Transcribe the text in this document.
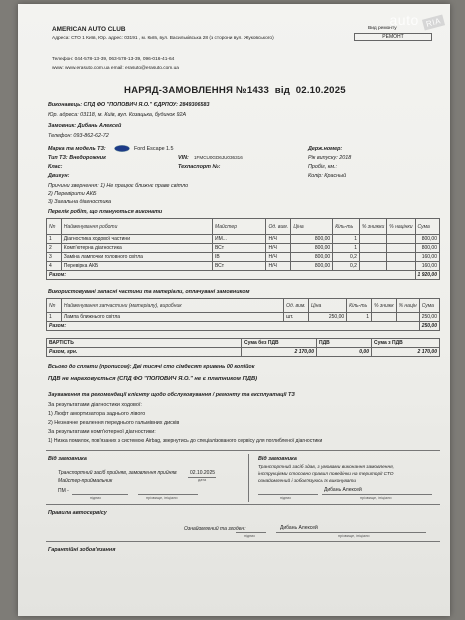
AMERICAN AUTO CLUB
Адреса: СТО 1 Київ, Юр. адрес: 03191 , м. Київ, вул. Васильківська 28 (з сторони вул. Жуковського)
Телефон: 044-578-13-39, 063-578-13-39, 096-016-41-64
www: www.erasuto.com.ua email: erasuto@erasuto.com.ua
Вид ремонту
РЕМОНТ
НАРЯД-ЗАМОВЛЕННЯ №1433 від 02.10.2025
Виконавець: СПД ФО "ПОПОВИЧ Я.О." ЄДРПОУ: 2849306583
Юр. адреса: 03118, м. Київ, вул. Козацька, будинок 92А
Замовник: Дибань Алексей
Телефон: 093-862-62-72
Марка та модель ТЗ:	Ford Escape 1.5
Тип ТЗ: Внедорожник	VIN: 1FMCU0GD6JU036316
Клас:	Техпаспорт №:
Двигун:
Держ.номер:
Рік випуску: 2018
Пробіг, км.:
Колір: Красный
Причини звернення: 1) Не працює ближнє праве світло
2) Перевірити АКБ
3) Загальна діагностика
Перелік робіт, що плануються виконати
Nn	Найменування роботи	Майстер	Од. вим.	Ціна	Кіль-ть	% знижки	% націнки	Сума
1	Діагностика ходової частини	ИМ...	Н/Ч	800,00	1			800,00
2	Комп'ютерна діагностика	ВСт	Н/Ч	800,00	1			800,00
3	Заміна лампочки головного світла	ІВ	Н/Ч	800,00	0,2			160,00
4	Перевірка АКБ	ВСт	Н/Ч	800,00	0,2			160,00
Разом:								1 920,00
Використовувані запасні частини та матеріали, оплачувані замовником
Nn	Найменування запчастини (матеріалу), виробник	Од. вим.	Ціна	Кіль-ть	% знижк	% націн	Сума
1	Лампа ближнього світла	шт.	250,00	1			250,00
Разом:							250,00
ВАРТІСТЬ	Сума без ПДВ	ПДВ	Сума з ПДВ
Разом, грн.	2 170,00	0,00	2 170,00
Всього до сплати (прописом): Дві тисячі сто сімдесят гривень 00 копійок
ПДВ не нараховується (СПД ФО "ПОПОВИЧ Я.О." не є платником ПДВ)
Зауваження та рекомендації клієнту щодо обслуговування / ремонту та експлуатації ТЗ
За результатами діагностики ходової:
1) Люфт амортизатора заднього лівого
2) Незначне реалення переднього гальмівних дисків
За результатами комп'ютерної діагностики:
1) Низка помилок, пов'язаних з системою Airbag, звернутись до спеціалізованого сервісу для поглибленої діагностики
Від замовника
Транспортний засіб прийняв, замовлення прийняв
Майстер-приймальник
02.10.2025
дата
ПМ -
підпис	прізвище, ініціали
Від замовника
Транспортний засіб здав, з умовами виконання замовлення,
інструкціями стосовно правил поведінки на території СТО
ознайомлений і зобов'язуюсь їх виконувати
Дибань Алексей
підпис	прізвище, ініціали
Правила автосервісу
Ознайомлений та згоден:	Дибань Алексей
підпис	прізвище, ініціали
Гарантійні зобов'язання
auto RIA
